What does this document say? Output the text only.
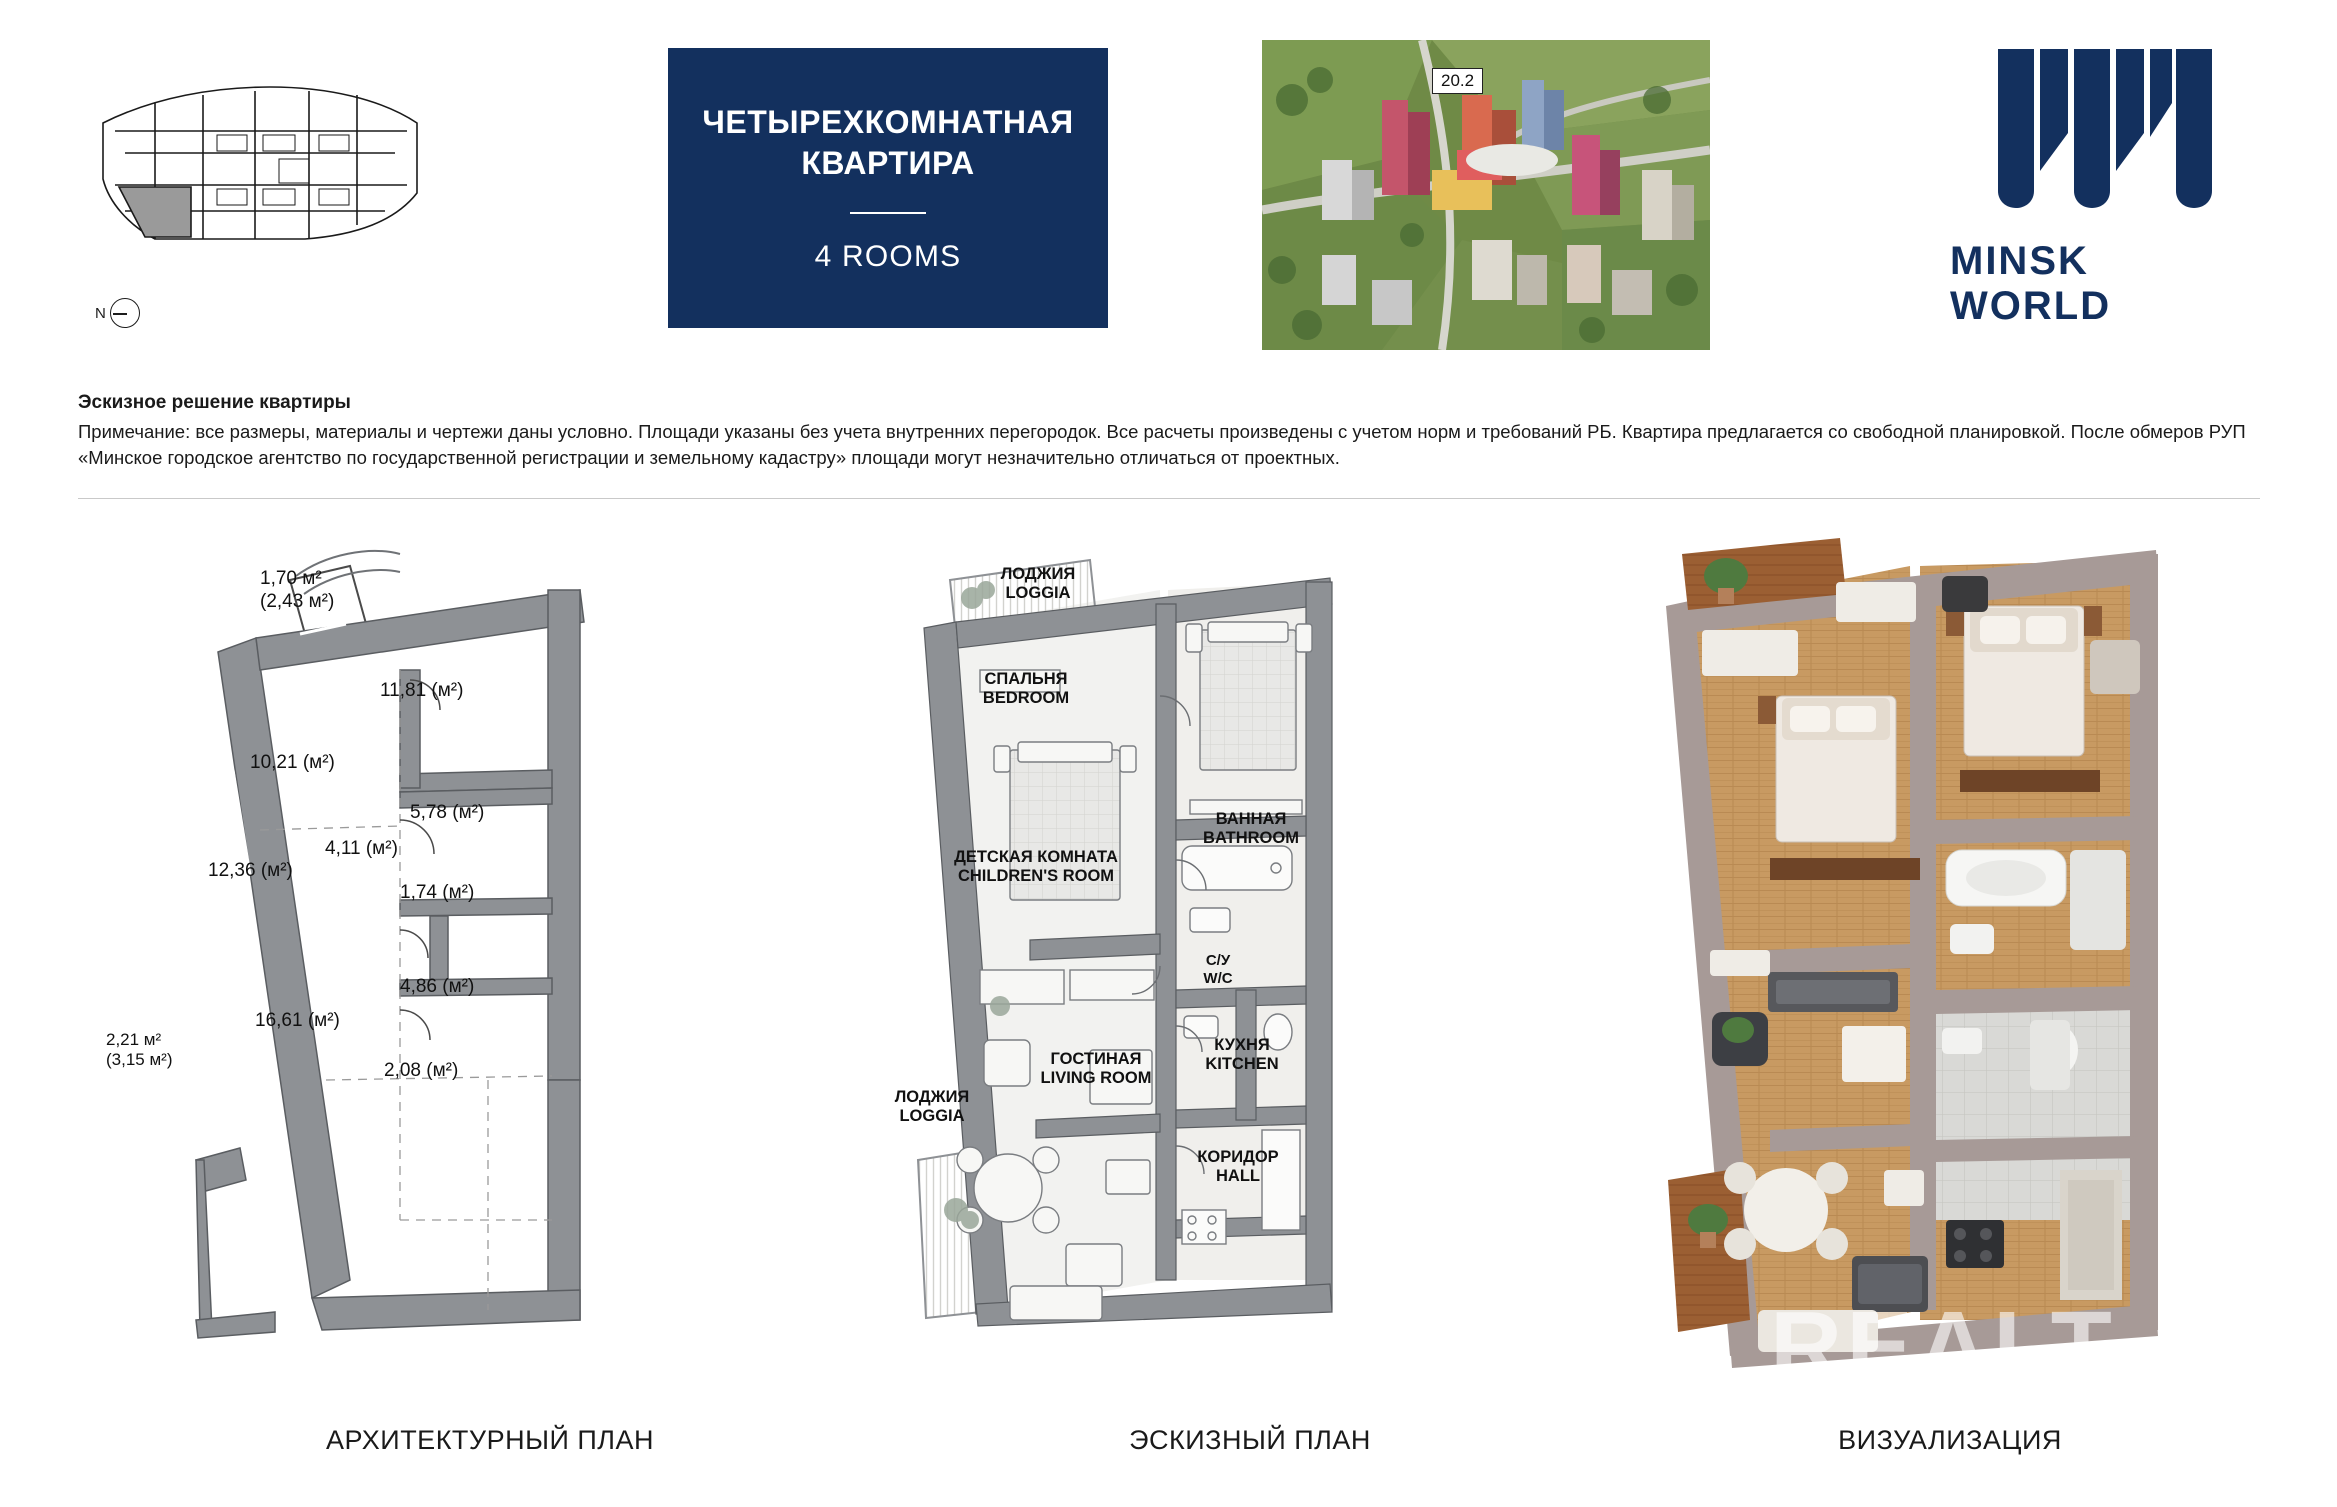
N
ЧЕТЫРЕХКОМНАТНАЯ КВАРТИРА
4 ROOMS
20.2
MINSK WORLD
Эскизное решение квартиры
Примечание: все размеры, материалы и чертежи даны условно. Площади указаны без учета внутренних перегородок. Все расчеты произведены с учетом норм и требований РБ. Квартира предлагается со свободной планировкой. После обмеров РУП «Минское городское агентство по государственной регистрации и земельному кадастру» площади могут незначительно отличаться от проектных.
1,70 м²
(2,43 м²)
11,81 (м²)
10,21 (м²)
5,78 (м²)
4,11 (м²)
12,36 (м²)
1,74 (м²)
4,86 (м²)
16,61 (м²)
2,21 м²
(3,15 м²)
2,08 (м²)
ЛОДЖИЯ
LOGGIA
СПАЛЬНЯ
BEDROOM
ВАННАЯ
BATHROOM
ДЕТСКАЯ КОМНАТА
CHILDREN'S ROOM
С/У
W/C
КУХНЯ
KITCHEN
ГОСТИНАЯ
LIVING ROOM
ЛОДЖИЯ
LOGGIA
КОРИДОР
HALL
REALT
АРХИТЕКТУРНЫЙ ПЛАН	ЭСКИЗНЫЙ ПЛАН	ВИЗУАЛИЗАЦИЯ
